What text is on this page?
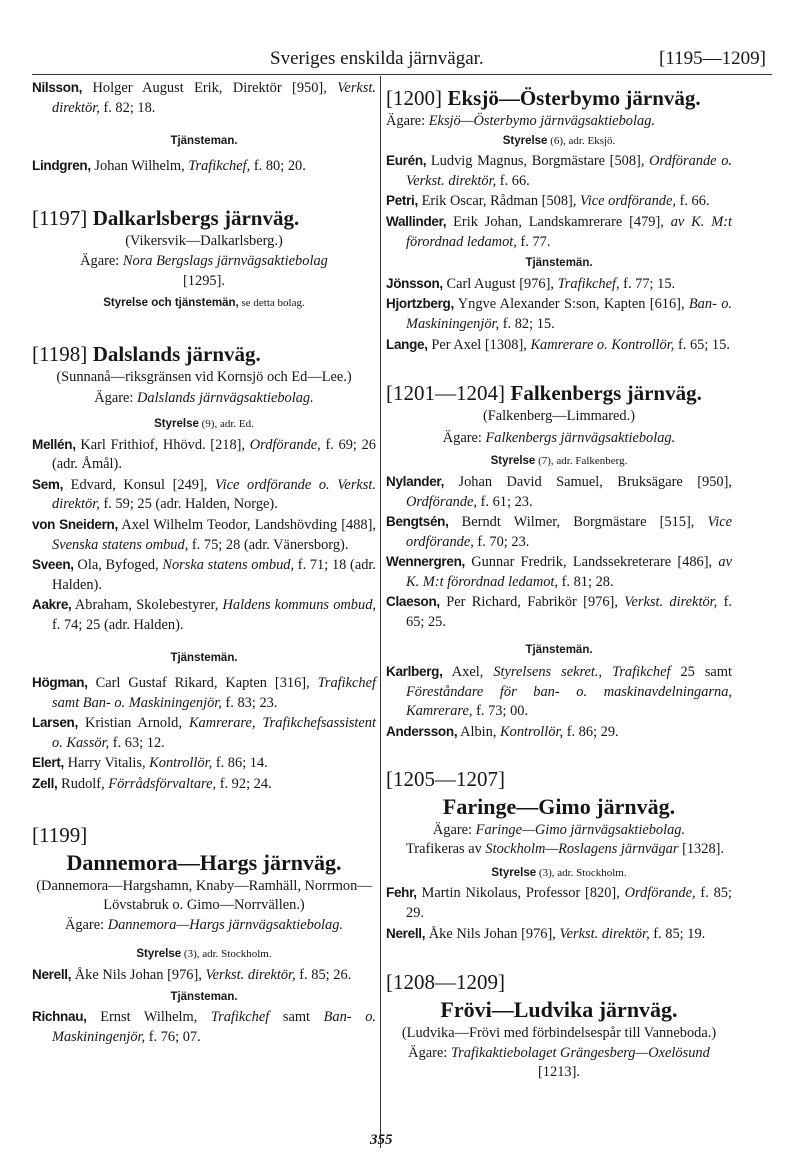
Sveriges enskilda järnvägar.	[1195—1209]

Nilsson, Holger August Erik, Direktör [950], Verkst. direktör, f. 82; 18.

Tjänsteman.

Lindgren, Johan Wilhelm, Trafikchef, f. 80; 20.

[1197] Dalkarlsbergs järnväg.

(Vikersvik—Dalkarlsberg.)

Ägare: Nora Bergslags järnvägsaktiebolag
[1295].

Styrelse och tjänstemän, se detta bolag.

[1198] Dalslands järnväg.

(Sunnanå—riksgränsen vid Kornsjö och Ed—Lee.)

Ägare: Dalslands järnvägsaktiebolag.

Styrelse (9), adr. Ed.

Mellén, Karl Frithiof, Hhövd. [218], Ordförande, f. 69; 26 (adr. Åmål).

Sem, Edvard, Konsul [249], Vice ordförande o. Verkst. direktör, f. 59; 25 (adr. Halden, Norge).

von Sneidern, Axel Wilhelm Teodor, Landshövding [488], Svenska statens ombud, f. 75; 28 (adr. Vänersborg).

Sveen, Ola, Byfoged, Norska statens ombud, f. 71; 18 (adr. Halden).

Aakre, Abraham, Skolebestyrer, Haldens kommuns ombud, f. 74; 25 (adr. Halden).

Tjänstemän.

Högman, Carl Gustaf Rikard, Kapten [316], Trafikchef samt Ban- o. Maskiningenjör, f. 83; 23.

Larsen, Kristian Arnold, Kamrerare, Trafikchefsassistent o. Kassör, f. 63; 12.

Elert, Harry Vitalis, Kontrollör, f. 86; 14.

Zell, Rudolf, Förrådsförvaltare, f. 92; 24.

[1199]

Dannemora—Hargs järnväg.

(Dannemora—Hargshamn, Knaby—Ramhäll, Norrmon—Lövstabruk o. Gimo—Norrvällen.)

Ägare: Dannemora—Hargs järnvägsaktiebolag.

Styrelse (3), adr. Stockholm.

Nerell, Åke Nils Johan [976], Verkst. direktör, f. 85; 26.

Tjänsteman.

Richnau, Ernst Wilhelm, Trafikchef samt Ban- o. Maskiningenjör, f. 76; 07.

[1200] Eksjö—Österbymo järnväg.

Ägare: Eksjö—Österbymo järnvägsaktiebolag.

Styrelse (6), adr. Eksjö.

Eurén, Ludvig Magnus, Borgmästare [508], Ordförande o. Verkst. direktör, f. 66.

Petri, Erik Oscar, Rådman [508], Vice ordförande, f. 66.

Wallinder, Erik Johan, Landskamrerare [479], av K. M:t förordnad ledamot, f. 77.

Tjänstemän.

Jönsson, Carl August [976], Trafikchef, f. 77; 15.

Hjortzberg, Yngve Alexander S:son, Kapten [616], Ban- o. Maskiningenjör, f. 82; 15.

Lange, Per Axel [1308], Kamrerare o. Kontrollör, f. 65; 15.

[1201—1204] Falkenbergs järnväg.

(Falkenberg—Limmared.)

Ägare: Falkenbergs järnvägsaktiebolag.

Styrelse (7), adr. Falkenberg.

Nylander, Johan David Samuel, Bruksägare [950], Ordförande, f. 61; 23.

Bengtsén, Berndt Wilmer, Borgmästare [515], Vice ordförande, f. 70; 23.

Wennergren, Gunnar Fredrik, Landssekreterare [486], av K. M:t förordnad ledamot, f. 81; 28.

Claeson, Per Richard, Fabrikör [976], Verkst. direktör, f. 65; 25.

Tjänstemän.

Karlberg, Axel, Styrelsens sekret., Trafikchef 25 samt Föreståndare för ban- o. maskinavdelningarna, Kamrerare, f. 73; 00.

Andersson, Albin, Kontrollör, f. 86; 29.

[1205—1207]

Faringe—Gimo järnväg.

Ägare: Faringe—Gimo järnvägsaktiebolag.

Trafikeras av Stockholm—Roslagens järnvägar [1328].

Styrelse (3), adr. Stockholm.

Fehr, Martin Nikolaus, Professor [820], Ordförande, f. 85; 29.

Nerell, Åke Nils Johan [976], Verkst. direktör, f. 85; 19.

[1208—1209]

Frövi—Ludvika järnväg.

(Ludvika—Frövi med förbindelsespår till Vanneboda.)

Ägare: Trafikaktiebolaget Grängesberg—Oxelösund [1213].

355
